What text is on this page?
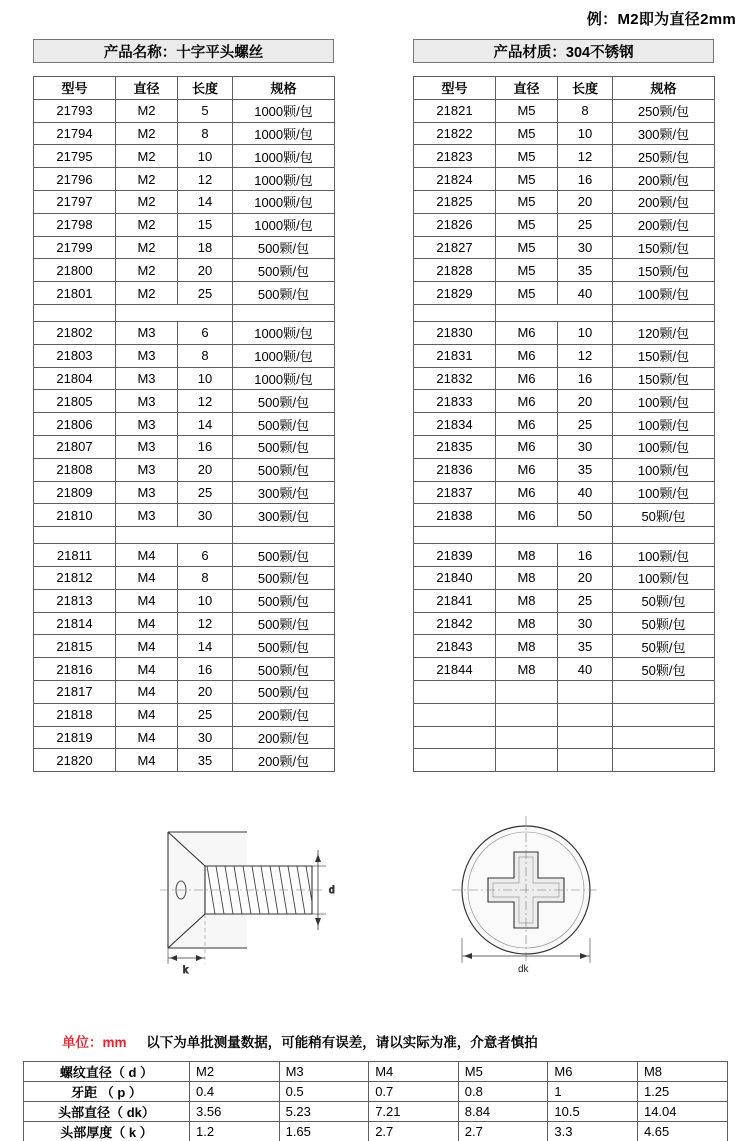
例：M2即为直径2mm
产品名称：十字平头螺丝	产品材质：304不锈钢
型号	直径	长度	规格
21793	M2	5	1000颗/包
21794	M2	8	1000颗/包
21795	M2	10	1000颗/包
21796	M2	12	1000颗/包
21797	M2	14	1000颗/包
21798	M2	15	1000颗/包
21799	M2	18	500颗/包
21800	M2	20	500颗/包
21801	M2	25	500颗/包

21802	M3	6	1000颗/包
21803	M3	8	1000颗/包
21804	M3	10	1000颗/包
21805	M3	12	500颗/包
21806	M3	14	500颗/包
21807	M3	16	500颗/包
21808	M3	20	500颗/包
21809	M3	25	300颗/包
21810	M3	30	300颗/包

21811	M4	6	500颗/包
21812	M4	8	500颗/包
21813	M4	10	500颗/包
21814	M4	12	500颗/包
21815	M4	14	500颗/包
21816	M4	16	500颗/包
21817	M4	20	500颗/包
21818	M4	25	200颗/包
21819	M4	30	200颗/包
21820	M4	35	200颗/包
型号	直径	长度	规格
21821	M5	8	250颗/包
21822	M5	10	300颗/包
21823	M5	12	250颗/包
21824	M5	16	200颗/包
21825	M5	20	200颗/包
21826	M5	25	200颗/包
21827	M5	30	150颗/包
21828	M5	35	150颗/包
21829	M5	40	100颗/包

21830	M6	10	120颗/包
21831	M6	12	150颗/包
21832	M6	16	150颗/包
21833	M6	20	100颗/包
21834	M6	25	100颗/包
21835	M6	30	100颗/包
21836	M6	35	100颗/包
21837	M6	40	100颗/包
21838	M6	50	50颗/包

21839	M8	16	100颗/包
21840	M8	20	100颗/包
21841	M8	25	50颗/包
21842	M8	30	50颗/包
21843	M8	35	50颗/包
21844	M8	40	50颗/包

d
k	dk
单位：mm 以下为单批测量数据，可能稍有误差，请以实际为准，介意者慎拍
螺纹直径（ d ）	M2	M3	M4	M5	M6	M8
牙距 （ p ）	0.4	0.5	0.7	0.8	1	1.25
头部直径（ dk）	3.56	5.23	7.21	8.84	10.5	14.04
头部厚度（ k ）	1.2	1.65	2.7	2.7	3.3	4.65
